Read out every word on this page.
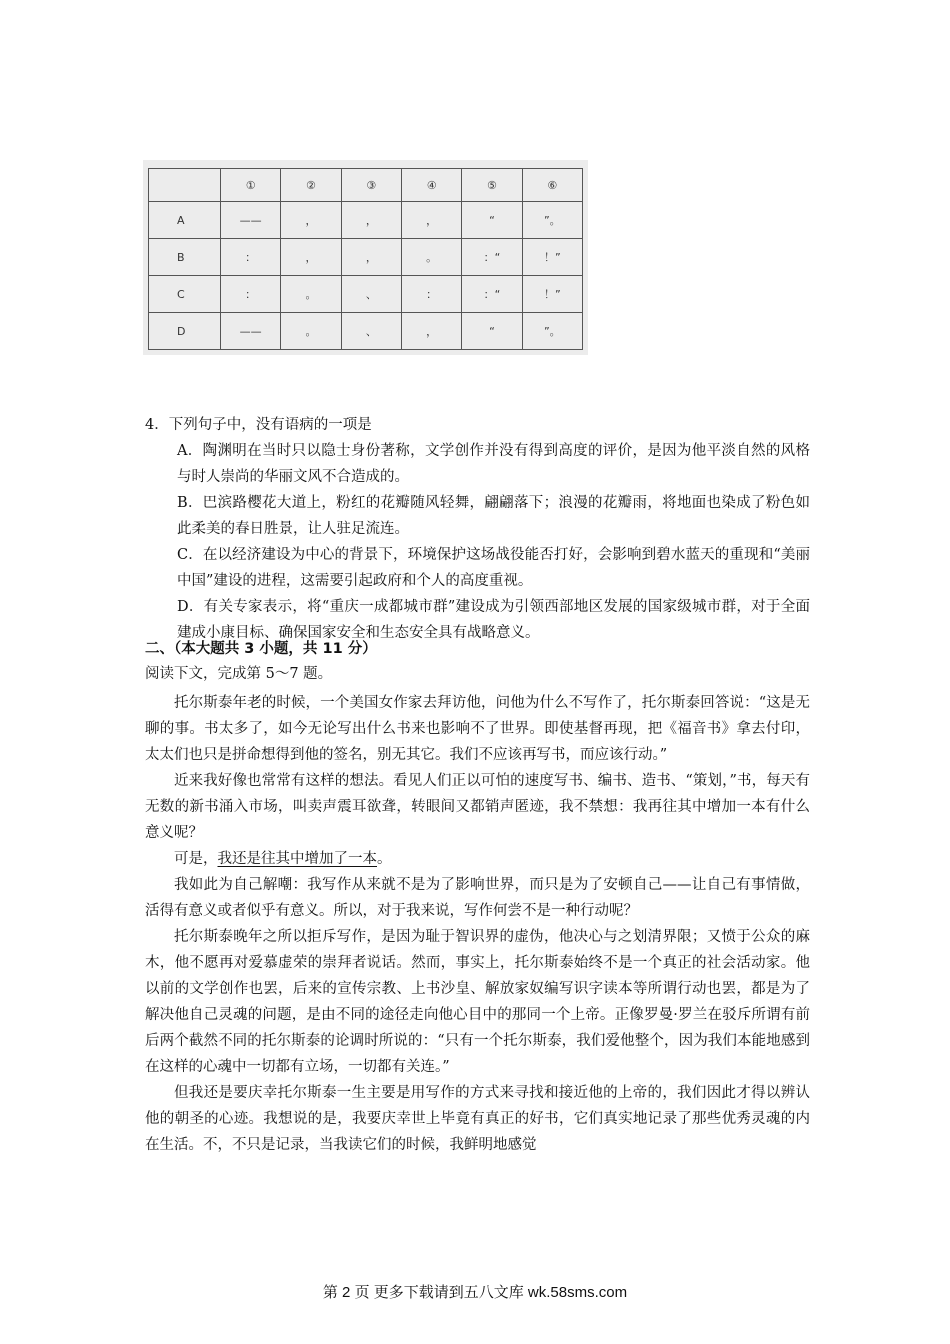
	①	②	③	④	⑤	⑥
A	——	，	，	，	“	”。
B	：	，	，	。	：“	！”
C	：	。	、	：	：“	！”
D	——	。	、	，	“	”。

4．下列句子中，没有语病的一项是

A．陶渊明在当时只以隐士身份著称，文学创作并没有得到高度的评价，是因为他平淡自然的风格与时人崇尚的华丽文风不合造成的。

B．巴滨路樱花大道上，粉红的花瓣随风轻舞，翩翩落下；浪漫的花瓣雨，将地面也染成了粉色如此柔美的春日胜景，让人驻足流连。

C．在以经济建设为中心的背景下，环境保护这场战役能否打好，会影响到碧水蓝天的重现和“美丽中国”建设的进程，这需要引起政府和个人的高度重视。

D．有关专家表示，将“重庆一成都城市群”建设成为引领西部地区发展的国家级城市群，对于全面建成小康目标、确保国家安全和生态安全具有战略意义。

二、（本大题共 3 小题，共 11 分）
阅读下文，完成第 5～7 题。

托尔斯泰年老的时候，一个美国女作家去拜访他，问他为什么不写作了，托尔斯泰回答说：“这是无聊的事。书太多了，如今无论写出什么书来也影响不了世界。即使基督再现，把《福音书》拿去付印，太太们也只是拼命想得到他的签名，别无其它。我们不应该再写书，而应该行动。”

近来我好像也常常有这样的想法。看见人们正以可怕的速度写书、编书、造书、“策划，”书，每天有无数的新书涌入市场，叫卖声震耳欲聋，转眼间又都销声匿迹，我不禁想：我再往其中增加一本有什么意义呢？

可是，我还是往其中增加了一本。

我如此为自己解嘲：我写作从来就不是为了影响世界，而只是为了安顿自己——让自己有事情做，活得有意义或者似乎有意义。所以，对于我来说，写作何尝不是一种行动呢？

托尔斯泰晚年之所以拒斥写作，是因为耻于智识界的虚伪，他决心与之划清界限；又愤于公众的麻木，他不愿再对爱慕虚荣的崇拜者说话。然而，事实上，托尔斯泰始终不是一个真正的社会活动家。他以前的文学创作也罢，后来的宣传宗教、上书沙皇、解放家奴编写识字读本等所谓行动也罢，都是为了解决他自己灵魂的问题，是由不同的途径走向他心目中的那同一个上帝。正像罗曼·罗兰在驳斥所谓有前后两个截然不同的托尔斯泰的论调时所说的：“只有一个托尔斯泰，我们爱他整个，因为我们本能地感到在这样的心魂中一切都有立场，一切都有关连。”

但我还是要庆幸托尔斯泰一生主要是用写作的方式来寻找和接近他的上帝的，我们因此才得以辨认他的朝圣的心迹。我想说的是，我要庆幸世上毕竟有真正的好书，它们真实地记录了那些优秀灵魂的内在生活。不，不只是记录，当我读它们的时候，我鲜明地感觉

第 2 页 更多下载请到五八文库 wk.58sms.com
